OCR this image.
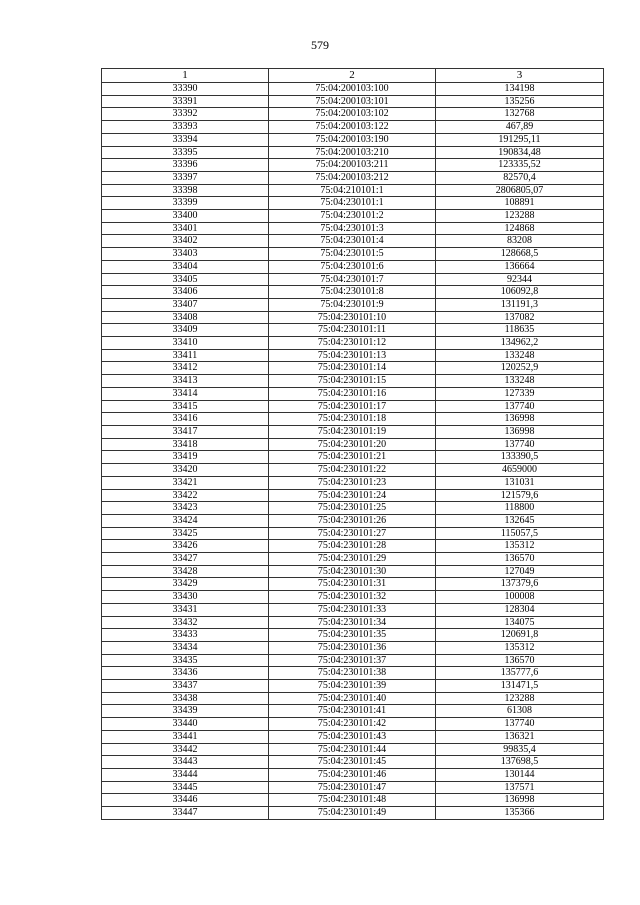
579
1	2	3
33390	75:04:200103:100	134198
33391	75:04:200103:101	135256
33392	75:04:200103:102	132768
33393	75:04:200103:122	467,89
33394	75:04:200103:190	191295,11
33395	75:04:200103:210	190834,48
33396	75:04:200103:211	123335,52
33397	75:04:200103:212	82570,4
33398	75:04:210101:1	2806805,07
33399	75:04:230101:1	108891
33400	75:04:230101:2	123288
33401	75:04:230101:3	124868
33402	75:04:230101:4	83208
33403	75:04:230101:5	128668,5
33404	75:04:230101:6	136664
33405	75:04:230101:7	92344
33406	75:04:230101:8	106092,8
33407	75:04:230101:9	131191,3
33408	75:04:230101:10	137082
33409	75:04:230101:11	118635
33410	75:04:230101:12	134962,2
33411	75:04:230101:13	133248
33412	75:04:230101:14	120252,9
33413	75:04:230101:15	133248
33414	75:04:230101:16	127339
33415	75:04:230101:17	137740
33416	75:04:230101:18	136998
33417	75:04:230101:19	136998
33418	75:04:230101:20	137740
33419	75:04:230101:21	133390,5
33420	75:04:230101:22	4659000
33421	75:04:230101:23	131031
33422	75:04:230101:24	121579,6
33423	75:04:230101:25	118800
33424	75:04:230101:26	132645
33425	75:04:230101:27	115057,5
33426	75:04:230101:28	135312
33427	75:04:230101:29	136570
33428	75:04:230101:30	127049
33429	75:04:230101:31	137379,6
33430	75:04:230101:32	100008
33431	75:04:230101:33	128304
33432	75:04:230101:34	134075
33433	75:04:230101:35	120691,8
33434	75:04:230101:36	135312
33435	75:04:230101:37	136570
33436	75:04:230101:38	135777,6
33437	75:04:230101:39	131471,5
33438	75:04:230101:40	123288
33439	75:04:230101:41	61308
33440	75:04:230101:42	137740
33441	75:04:230101:43	136321
33442	75:04:230101:44	99835,4
33443	75:04:230101:45	137698,5
33444	75:04:230101:46	130144
33445	75:04:230101:47	137571
33446	75:04:230101:48	136998
33447	75:04:230101:49	135366
